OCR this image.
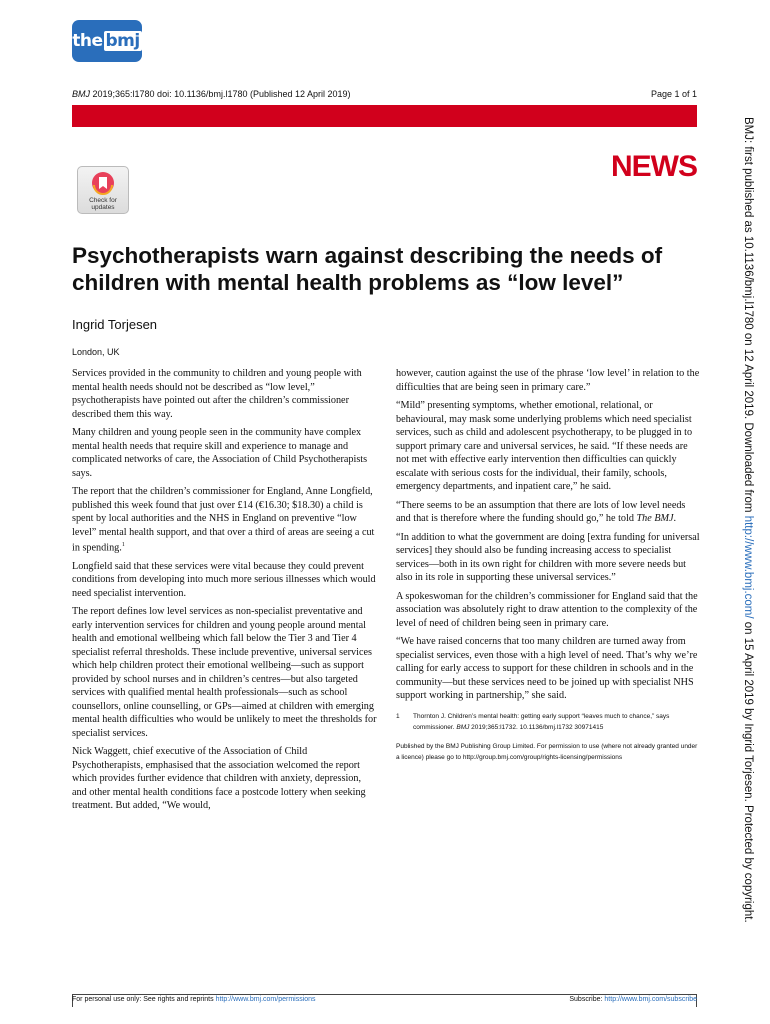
the bmj
BMJ 2019;365:l1780 doi: 10.1136/bmj.l1780 (Published 12 April 2019)	Page 1 of 1
NEWS
Check for
updates
Psychotherapists warn against describing the needs of children with mental health problems as “low level”
Ingrid Torjesen
London, UK

Services provided in the community to children and young people with mental health needs should not be described as “low level,” psychotherapists have pointed out after the children’s commissioner described them this way.

Many children and young people seen in the community have complex mental health needs that require skill and experience to manage and complicated networks of care, the Association of Child Psychotherapists says.

The report that the children’s commissioner for England, Anne Longfield, published this week found that just over £14 (€16.30; $18.30) a child is spent by local authorities and the NHS in England on preventive “low level” mental health support, and that over a third of areas are seeing a cut in spending.$^1$

Longfield said that these services were vital because they could prevent conditions from developing into much more serious illnesses which would need specialist intervention.

The report defines low level services as non-specialist preventative and early intervention services for children and young people around mental health and emotional wellbeing which fall below the Tier 3 and Tier 4 specialist referral thresholds. These include preventive, universal services which help children protect their emotional wellbeing—such as support provided by school nurses and in children’s centres—but also targeted services with qualified mental health professionals—such as school counsellors, online counselling, or GPs—aimed at children with emerging mental health difficulties who would be unlikely to meet the thresholds for specialist services.

Nick Waggett, chief executive of the Association of Child Psychotherapists, emphasised that the association welcomed the report which provides further evidence that children with anxiety, depression, and other mental health conditions face a postcode lottery when seeking treatment. But added, “We would,

however, caution against the use of the phrase ‘low level’ in relation to the difficulties that are being seen in primary care.”

“Mild” presenting symptoms, whether emotional, relational, or behavioural, may mask some underlying problems which need specialist services, such as child and adolescent psychotherapy, to be plugged in to support primary care and universal services, he said. “If these needs are not met with effective early intervention then difficulties can quickly escalate with serious costs for the individual, their family, schools, emergency departments, and inpatient care,” he said.

“There seems to be an assumption that there are lots of low level needs and that is therefore where the funding should go,” he told The BMJ.

“In addition to what the government are doing [extra funding for universal services] they should also be funding increasing access to specialist services—both in its own right for children with more severe needs but also in its role in supporting these universal services.”

A spokeswoman for the children’s commissioner for England said that the association was absolutely right to draw attention to the complexity of the level of need of children being seen in primary care.

“We have raised concerns that too many children are turned away from specialist services, even those with a high level of need. That’s why we’re calling for early access to support for these children in schools and in the community—but these services need to be joined up with specialist NHS support working in partnership,” she said.

1	Thornton J. Children’s mental health: getting early support “leaves much to chance,” says commissioner. BMJ 2019;365:l1732. 10.1136/bmj.l1732 30971415
Published by the BMJ Publishing Group Limited. For permission to use (where not already granted under a licence) please go to http://group.bmj.com/group/rights-licensing/permissions
For personal use only: See rights and reprints http://www.bmj.com/permissions	Subscribe: http://www.bmj.com/subscribe
BMJ: first published as 10.1136/bmj.l1780 on 12 April 2019. Downloaded from http://www.bmj.com/ on 15 April 2019 by Ingrid Torjesen. Protected by copyright.
